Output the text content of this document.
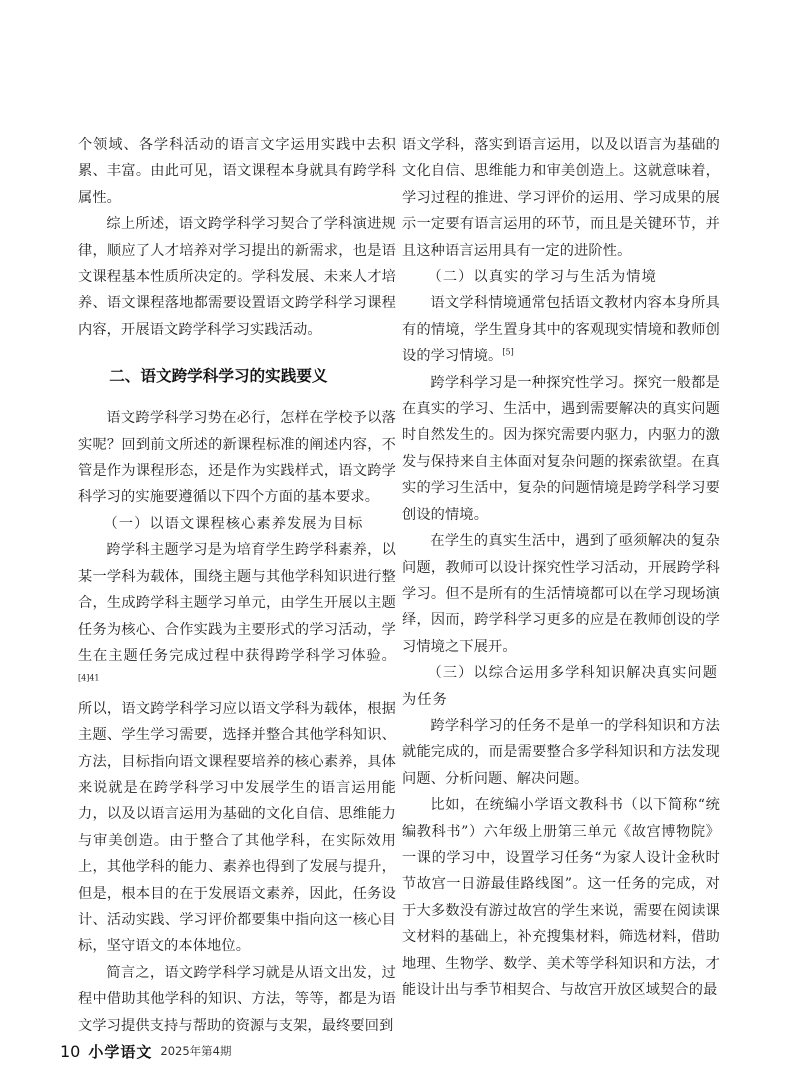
个领域、各学科活动的语言文字运用实践中去积累、丰富。由此可见，语文课程本身就具有跨学科属性。

综上所述，语文跨学科学习契合了学科演进规律，顺应了人才培养对学习提出的新需求，也是语文课程基本性质所决定的。学科发展、未来人才培养、语文课程落地都需要设置语文跨学科学习课程内容，开展语文跨学科学习实践活动。

二、语文跨学科学习的实践要义

语文跨学科学习势在必行，怎样在学校予以落实呢？回到前文所述的新课程标准的阐述内容，不管是作为课程形态，还是作为实践样式，语文跨学科学习的实施要遵循以下四个方面的基本要求。

（一）以语文课程核心素养发展为目标

跨学科主题学习是为培育学生跨学科素养，以某一学科为载体，围绕主题与其他学科知识进行整合，生成跨学科主题学习单元，由学生开展以主题任务为核心、合作实践为主要形式的学习活动，学生在主题任务完成过程中获得跨学科学习体验。$^{[4]41}$

所以，语文跨学科学习应以语文学科为载体，根据主题、学生学习需要，选择并整合其他学科知识、方法，目标指向语文课程要培养的核心素养，具体来说就是在跨学科学习中发展学生的语言运用能力，以及以语言运用为基础的文化自信、思维能力与审美创造。由于整合了其他学科，在实际效用上，其他学科的能力、素养也得到了发展与提升，但是，根本目的在于发展语文素养，因此，任务设计、活动实践、学习评价都要集中指向这一核心目标，坚守语文的本体地位。

简言之，语文跨学科学习就是从语文出发，过程中借助其他学科的知识、方法，等等，都是为语文学习提供支持与帮助的资源与支架，最终要回到

语文学科，落实到语言运用，以及以语言为基础的文化自信、思维能力和审美创造上。这就意味着，学习过程的推进、学习评价的运用、学习成果的展示一定要有语言运用的环节，而且是关键环节，并且这种语言运用具有一定的进阶性。

（二）以真实的学习与生活为情境

语文学科情境通常包括语文教材内容本身所具有的情境，学生置身其中的客观现实情境和教师创设的学习情境。[5]

跨学科学习是一种探究性学习。探究一般都是在真实的学习、生活中，遇到需要解决的真实问题时自然发生的。因为探究需要内驱力，内驱力的激发与保持来自主体面对复杂问题的探索欲望。在真实的学习生活中，复杂的问题情境是跨学科学习要创设的情境。

在学生的真实生活中，遇到了亟须解决的复杂问题，教师可以设计探究性学习活动，开展跨学科学习。但不是所有的生活情境都可以在学习现场演绎，因而，跨学科学习更多的应是在教师创设的学习情境之下展开。

（三）以综合运用多学科知识解决真实问题为任务

跨学科学习的任务不是单一的学科知识和方法就能完成的，而是需要整合多学科知识和方法发现问题、分析问题、解决问题。

比如，在统编小学语文教科书（以下简称“统编教科书”）六年级上册第三单元《故宫博物院》一课的学习中，设置学习任务“为家人设计金秋时节故宫一日游最佳路线图”。这一任务的完成，对于大多数没有游过故宫的学生来说，需要在阅读课文材料的基础上，补充搜集材料，筛选材料，借助地理、生物学、数学、美术等学科知识和方法，才能设计出与季节相契合、与故宫开放区域契合的最

10 小学语文 2025年第4期
